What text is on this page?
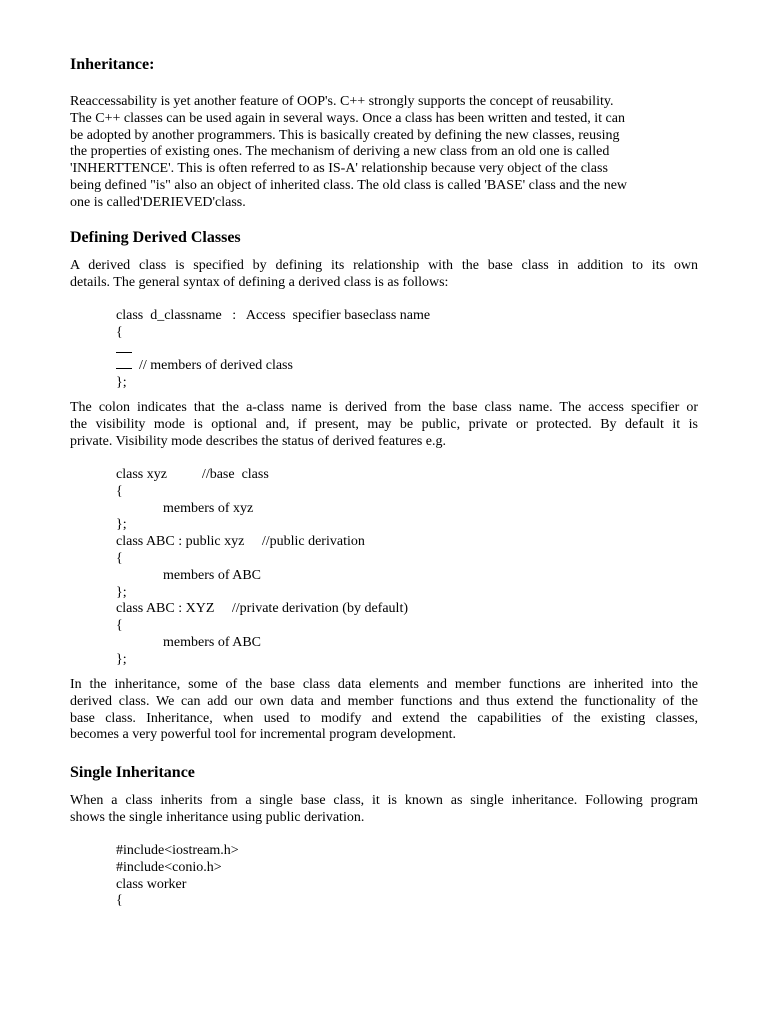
Inheritance:

Reaccessability is yet another feature of OOP's. C++ strongly supports the concept of reusability.
The C++ classes can be used again in several ways. Once a class has been written and tested, it can
be adopted by another programmers. This is basically created by defining the new classes, reusing
the properties of existing ones. The mechanism of deriving a new class from an old one is called
'INHERTTENCE'. This is often referred to as IS-A' relationship because very object of the class
being defined "is" also an object of inherited class. The old class is called 'BASE' class and the new
one is called'DERIEVED'class.

Defining Derived Classes

A derived class is specified by defining its relationship with the base class in addition to its own
details. The general syntax of defining a derived class is as follows:

class  d_classname   :   Access  specifier baseclass name
{
// members of derived class
};

The colon indicates that the a-class name is derived from the base class name. The access specifier or
the visibility mode is optional and, if present, may be public, private or protected. By default it is
private. Visibility mode describes the status of derived features e.g.

class xyz          //base  class
{
members of xyz
};
class ABC : public xyz     //public derivation
{
members of ABC
};
class ABC : XYZ     //private derivation (by default)
{
members of ABC
};

In the inheritance, some of the base class data elements and member functions are inherited into the
derived class. We can add our own data and member functions and thus extend the functionality of the
base class. Inheritance, when used to modify and extend the capabilities of the existing classes,
becomes a very powerful tool for incremental program development.

Single Inheritance

When a class inherits from a single base class, it is known as single inheritance. Following program
shows the single inheritance using public derivation.

#include<iostream.h>
#include<conio.h>
class worker
{
